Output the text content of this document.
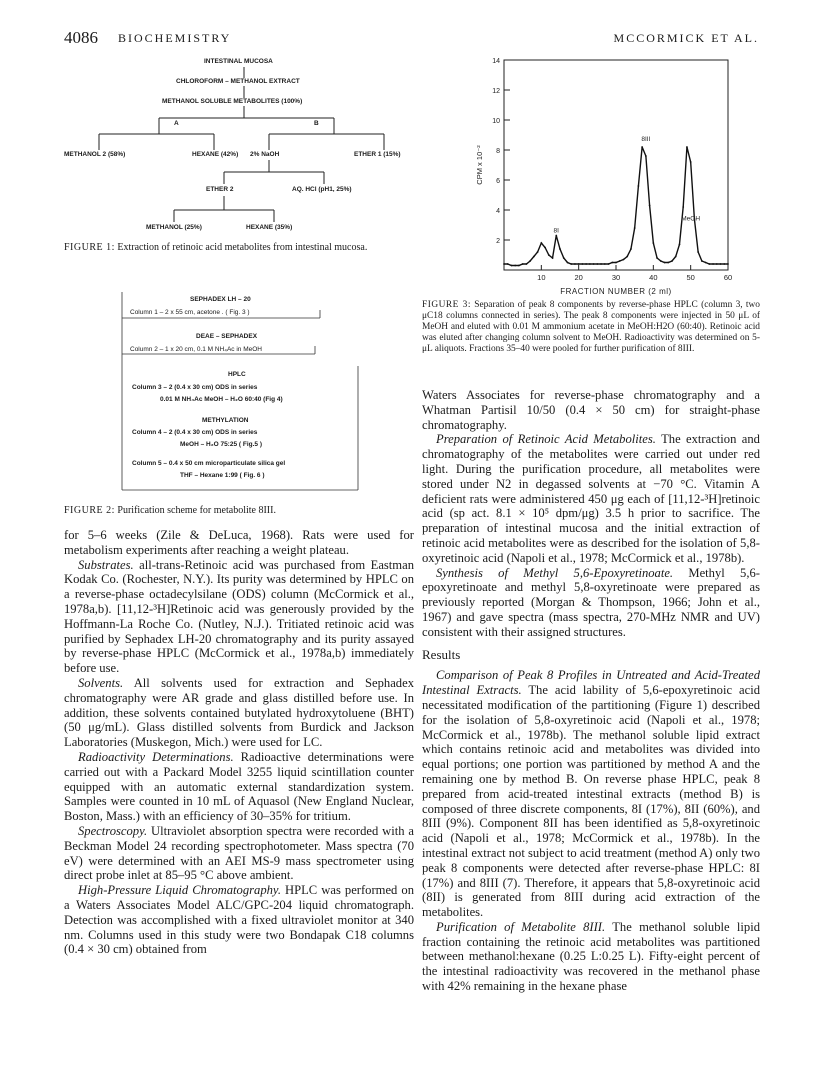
4086 BIOCHEMISTRY	MCCORMICK ET AL.
INTESTINAL MUCOSA
CHLOROFORM – METHANOL EXTRACT
METHANOL SOLUBLE METABOLITES (100%)
A	B
METHANOL 2 (58%)	HEXANE (42%) 2% NaOH	ETHER 1 (15%)
ETHER 2	AQ. HCl (pH1, 25%)
METHANOL (25%)	HEXANE (35%)
FIGURE 1: Extraction of retinoic acid metabolites from intestinal mucosa.
SEPHADEX LH – 20
Column 1 – 2 x 55 cm, acetone . ( Fig. 3 )
DEAE – SEPHADEX
Column 2 – 1 x 20 cm, 0.1 M NH₄Ac in MeOH
HPLC
Column 3 – 2 (0.4 x 30 cm) ODS in series
0.01 M NH₄Ac MeOH – H₂O 60:40 (Fig 4)
METHYLATION
Column 4 – 2 (0.4 x 30 cm) ODS in series
MeOH – H₂O 75:25 ( Fig.5 )
Column 5 – 0.4 x 50 cm microparticulate silica gel
THF – Hexane 1:99 ( Fig. 6 )
FIGURE 2: Purification scheme for metabolite 8III.
2
4
6
8
10
12
14
10	20	30	40	50	60
FRACTION NUMBER (2 ml)
CPM x 10⁻²
8I
8III
MeOH
FIGURE 3: Separation of peak 8 components by reverse-phase HPLC (column 3, two μC18 columns connected in series). The peak 8 components were injected in 50 μL of MeOH and eluted with 0.01 M ammonium acetate in MeOH:H2O (60:40). Retinoic acid was eluted after changing column solvent to MeOH. Radioactivity was determined on 5-μL aliquots. Fractions 35–40 were pooled for further purification of 8III.

for 5–6 weeks (Zile & DeLuca, 1968). Rats were used for metabolism experiments after reaching a weight plateau.

Substrates. all-trans-Retinoic acid was purchased from Eastman Kodak Co. (Rochester, N.Y.). Its purity was determined by HPLC on a reverse-phase octadecylsilane (ODS) column (McCormick et al., 1978a,b). [11,12-³H]Retinoic acid was generously provided by the Hoffmann-La Roche Co. (Nutley, N.J.). Tritiated retinoic acid was purified by Sephadex LH-20 chromatography and its purity assayed by reverse-phase HPLC (McCormick et al., 1978a,b) immediately before use.

Solvents. All solvents used for extraction and Sephadex chromatography were AR grade and glass distilled before use. In addition, these solvents contained butylated hydroxytoluene (BHT) (50 μg/mL). Glass distilled solvents from Burdick and Jackson Laboratories (Muskegon, Mich.) were used for LC.

Radioactivity Determinations. Radioactive determinations were carried out with a Packard Model 3255 liquid scintillation counter equipped with an automatic external standardization system. Samples were counted in 10 mL of Aquasol (New England Nuclear, Boston, Mass.) with an efficiency of 30–35% for tritium.

Spectroscopy. Ultraviolet absorption spectra were recorded with a Beckman Model 24 recording spectrophotometer. Mass spectra (70 eV) were determined with an AEI MS-9 mass spectrometer using direct probe inlet at 85–95 °C above ambient.

High-Pressure Liquid Chromatography. HPLC was performed on a Waters Associates Model ALC/GPC-204 liquid chromatograph. Detection was accomplished with a fixed ultraviolet monitor at 340 nm. Columns used in this study were two Bondapak C18 columns (0.4 × 30 cm) obtained from

Waters Associates for reverse-phase chromatography and a Whatman Partisil 10/50 (0.4 × 50 cm) for straight-phase chromatography.

Preparation of Retinoic Acid Metabolites. The extraction and chromatography of the metabolites were carried out under red light. During the purification procedure, all metabolites were stored under N2 in degassed solvents at −70 °C. Vitamin A deficient rats were administered 450 μg each of [11,12-³H]retinoic acid (sp act. 8.1 × 10⁵ dpm/μg) 3.5 h prior to sacrifice. The preparation of intestinal mucosa and the initial extraction of retinoic acid metabolites were as described for the isolation of 5,8-oxyretinoic acid (Napoli et al., 1978; McCormick et al., 1978b).

Synthesis of Methyl 5,6-Epoxyretinoate. Methyl 5,6-epoxyretinoate and methyl 5,8-oxyretinoate were prepared as previously reported (Morgan & Thompson, 1966; John et al., 1967) and gave spectra (mass spectra, 270-MHz NMR and UV) consistent with their assigned structures.

Results

Comparison of Peak 8 Profiles in Untreated and Acid-Treated Intestinal Extracts. The acid lability of 5,6-epoxyretinoic acid necessitated modification of the partitioning (Figure 1) described for the isolation of 5,8-oxyretinoic acid (Napoli et al., 1978; McCormick et al., 1978b). The methanol soluble lipid extract which contains retinoic acid and metabolites was divided into equal portions; one portion was partitioned by method A and the remaining one by method B. On reverse phase HPLC, peak 8 prepared from acid-treated intestinal extracts (method B) is composed of three discrete components, 8I (17%), 8II (60%), and 8III (9%). Component 8II has been identified as 5,8-oxyretinoic acid (Napoli et al., 1978; McCormick et al., 1978b). In the intestinal extract not subject to acid treatment (method A) only two peak 8 components were detected after reverse-phase HPLC: 8I (17%) and 8III (7). Therefore, it appears that 5,8-oxyretinoic acid (8II) is generated from 8III during acid extraction of the metabolites.

Purification of Metabolite 8III. The methanol soluble lipid fraction containing the retinoic acid metabolites was partitioned between methanol:hexane (0.25 L:0.25 L). Fifty-eight percent of the intestinal radioactivity was recovered in the methanol phase with 42% remaining in the hexane phase
